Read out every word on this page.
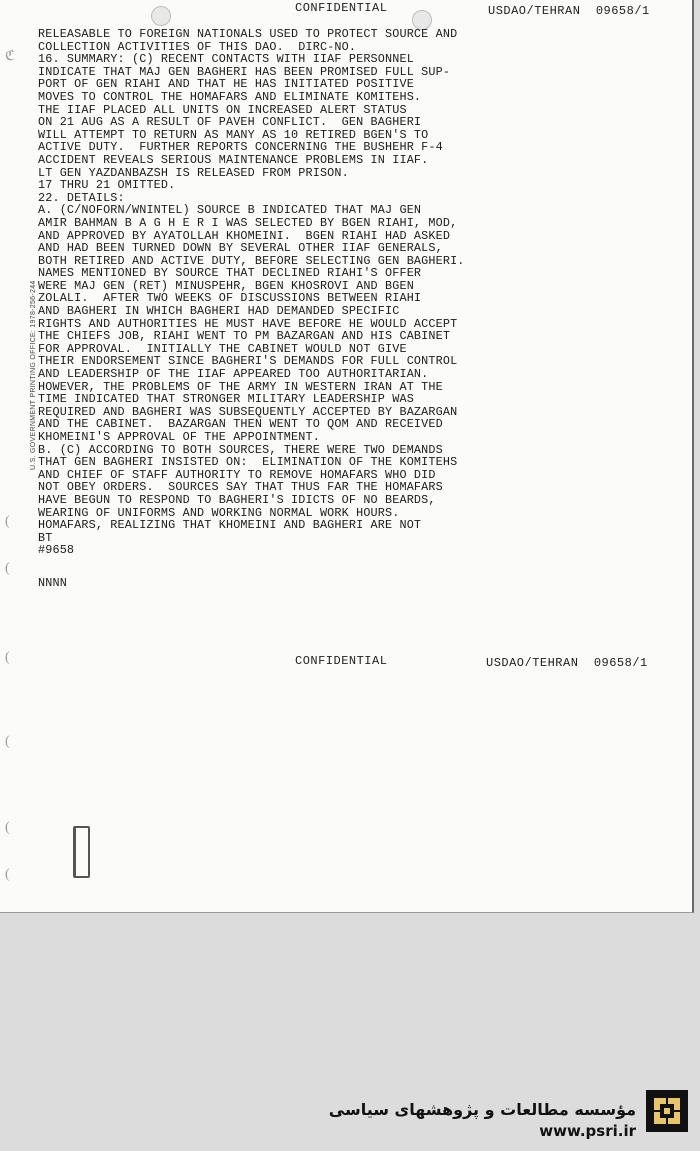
CONFIDENTIAL	USDAO/TEHRAN  09658/1
ℭ
(
(
(
(
(
(
U.S. GOVERNMENT PRINTING OFFICE: 1978-256-244
RELEASABLE TO FOREIGN NATIONALS USED TO PROTECT SOURCE AND
COLLECTION ACTIVITIES OF THIS DAO.  DIRC-NO.
16. SUMMARY: (C) RECENT CONTACTS WITH IIAF PERSONNEL
INDICATE THAT MAJ GEN BAGHERI HAS BEEN PROMISED FULL SUP-
PORT OF GEN RIAHI AND THAT HE HAS INITIATED POSITIVE
MOVES TO CONTROL THE HOMAFARS AND ELIMINATE KOMITEHS.
THE IIAF PLACED ALL UNITS ON INCREASED ALERT STATUS
ON 21 AUG AS A RESULT OF PAVEH CONFLICT.  GEN BAGHERI
WILL ATTEMPT TO RETURN AS MANY AS 10 RETIRED BGEN'S TO
ACTIVE DUTY.  FURTHER REPORTS CONCERNING THE BUSHEHR F-4
ACCIDENT REVEALS SERIOUS MAINTENANCE PROBLEMS IN IIAF.
LT GEN YAZDANBAZSH IS RELEASED FROM PRISON.
17 THRU 21 OMITTED.
22. DETAILS:
A. (C/NOFORN/WNINTEL) SOURCE B INDICATED THAT MAJ GEN
AMIR BAHMAN B A G H E R I WAS SELECTED BY BGEN RIAHI, MOD,
AND APPROVED BY AYATOLLAH KHOMEINI.  BGEN RIAHI HAD ASKED
AND HAD BEEN TURNED DOWN BY SEVERAL OTHER IIAF GENERALS,
BOTH RETIRED AND ACTIVE DUTY, BEFORE SELECTING GEN BAGHERI.
NAMES MENTIONED BY SOURCE THAT DECLINED RIAHI'S OFFER
WERE MAJ GEN (RET) MINUSPEHR, BGEN KHOSROVI AND BGEN
ZOLALI.  AFTER TWO WEEKS OF DISCUSSIONS BETWEEN RIAHI
AND BAGHERI IN WHICH BAGHERI HAD DEMANDED SPECIFIC
RIGHTS AND AUTHORITIES HE MUST HAVE BEFORE HE WOULD ACCEPT
THE CHIEFS JOB, RIAHI WENT TO PM BAZARGAN AND HIS CABINET
FOR APPROVAL.  INITIALLY THE CABINET WOULD NOT GIVE
THEIR ENDORSEMENT SINCE BAGHERI'S DEMANDS FOR FULL CONTROL
AND LEADERSHIP OF THE IIAF APPEARED TOO AUTHORITARIAN.
HOWEVER, THE PROBLEMS OF THE ARMY IN WESTERN IRAN AT THE
TIME INDICATED THAT STRONGER MILITARY LEADERSHIP WAS
REQUIRED AND BAGHERI WAS SUBSEQUENTLY ACCEPTED BY BAZARGAN
AND THE CABINET.  BAZARGAN THEN WENT TO QOM AND RECEIVED
KHOMEINI'S APPROVAL OF THE APPOINTMENT.
B. (C) ACCORDING TO BOTH SOURCES, THERE WERE TWO DEMANDS
THAT GEN BAGHERI INSISTED ON:  ELIMINATION OF THE KOMITEHS
AND CHIEF OF STAFF AUTHORITY TO REMOVE HOMAFARS WHO DID
NOT OBEY ORDERS.  SOURCES SAY THAT THUS FAR THE HOMAFARS
HAVE BEGUN TO RESPOND TO BAGHERI'S IDICTS OF NO BEARDS,
WEARING OF UNIFORMS AND WORKING NORMAL WORK HOURS.
HOMAFARS, REALIZING THAT KHOMEINI AND BAGHERI ARE NOT
BT
#9658
NNNN
CONFIDENTIAL	USDAO/TEHRAN  09658/1
مؤسسه مطالعات و پژوهشهای سیاسی
www.psri.ir
